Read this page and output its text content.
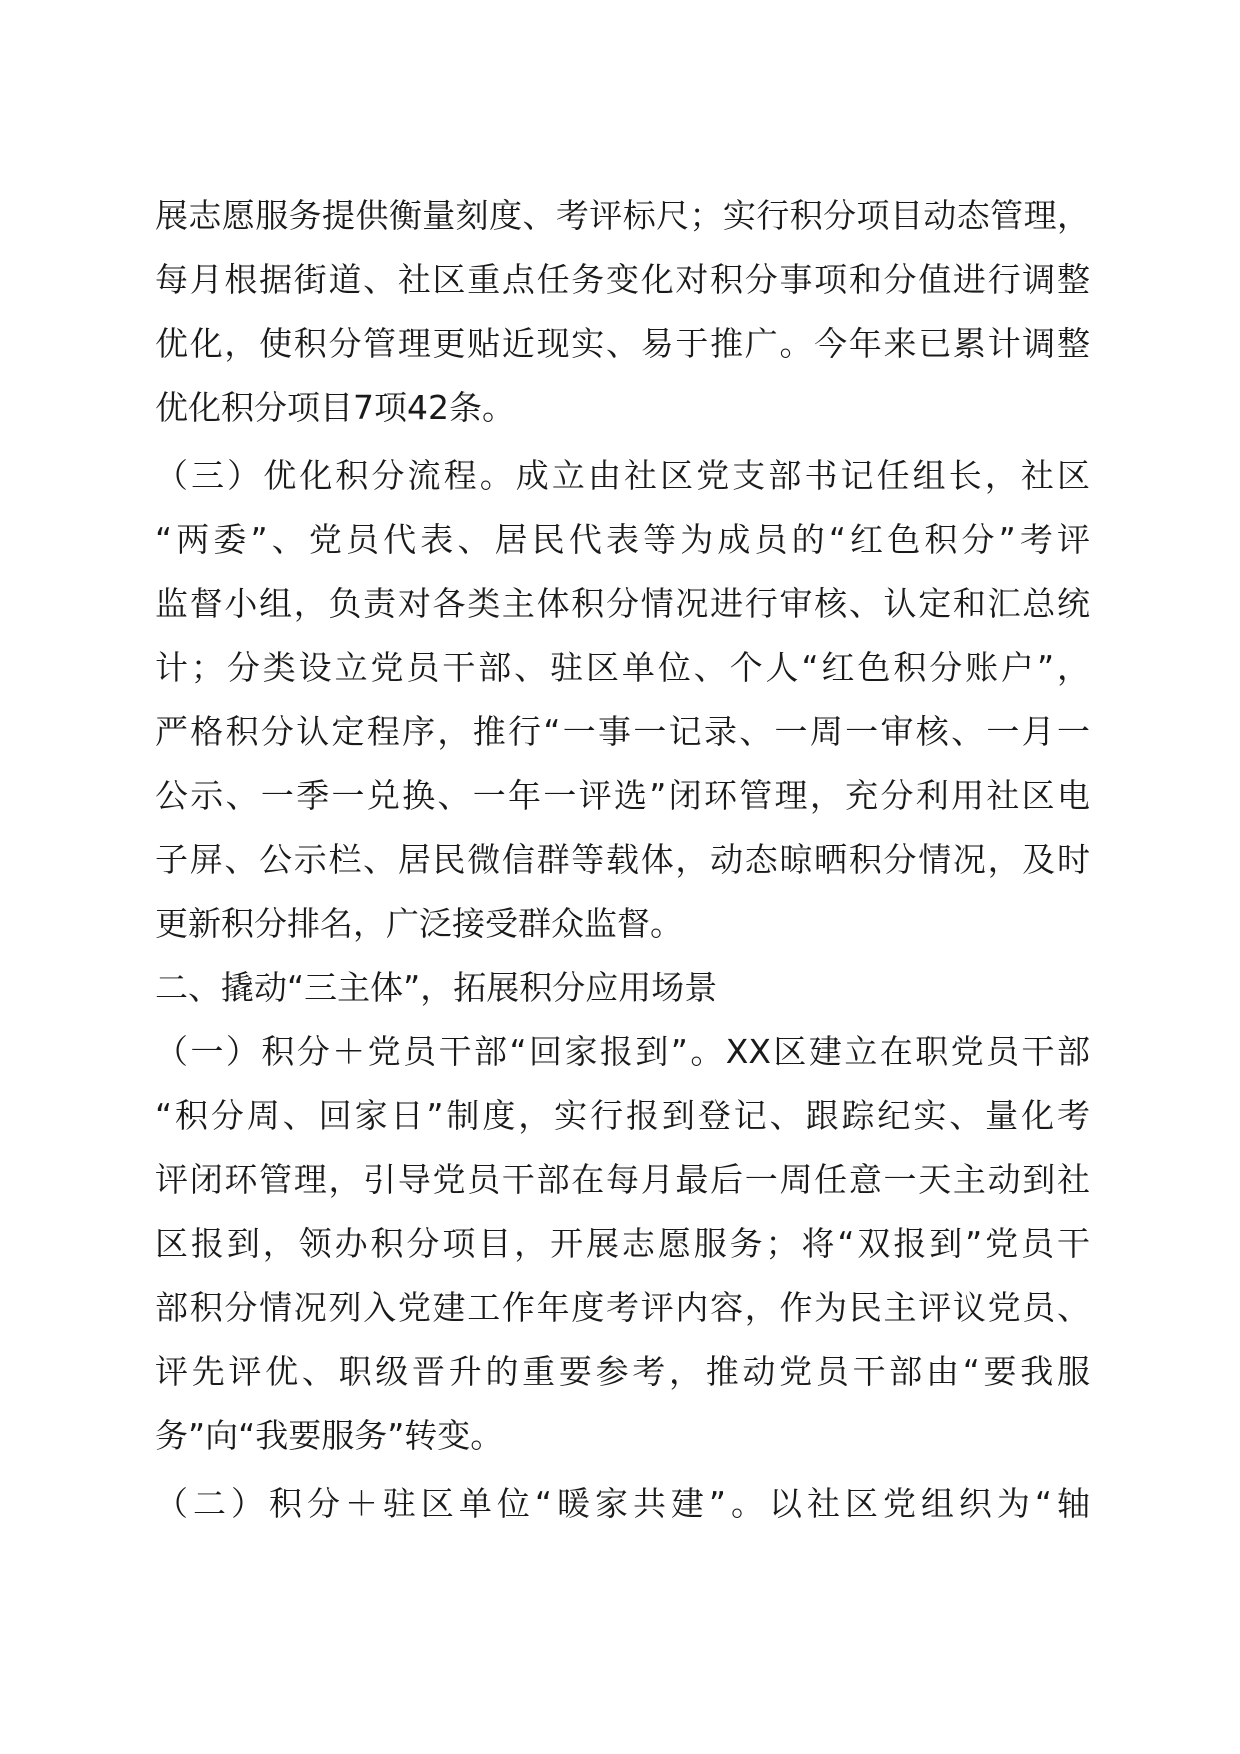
展志愿服务提供衡量刻度、考评标尺；实行积分项目动态管理，
每月根据街道、社区重点任务变化对积分事项和分值进行调整
优化，使积分管理更贴近现实、易于推广。今年来已累计调整
优化积分项目7项42条。
（三）优化积分流程。成立由社区党支部书记任组长，社区
“两委”、党员代表、居民代表等为成员的“红色积分”考评
监督小组，负责对各类主体积分情况进行审核、认定和汇总统
计；分类设立党员干部、驻区单位、个人“红色积分账户”，
严格积分认定程序，推行“一事一记录、一周一审核、一月一
公示、一季一兑换、一年一评选”闭环管理，充分利用社区电
子屏、公示栏、居民微信群等载体，动态晾晒积分情况，及时
更新积分排名，广泛接受群众监督。
二、撬动“三主体”，拓展积分应用场景
（一）积分＋党员干部“回家报到”。XX区建立在职党员干部
“积分周、回家日”制度，实行报到登记、跟踪纪实、量化考
评闭环管理，引导党员干部在每月最后一周任意一天主动到社
区报到，领办积分项目，开展志愿服务；将“双报到”党员干
部积分情况列入党建工作年度考评内容，作为民主评议党员、
评先评优、职级晋升的重要参考，推动党员干部由“要我服
务”向“我要服务”转变。
（二）积分＋驻区单位“暖家共建”。以社区党组织为“轴
